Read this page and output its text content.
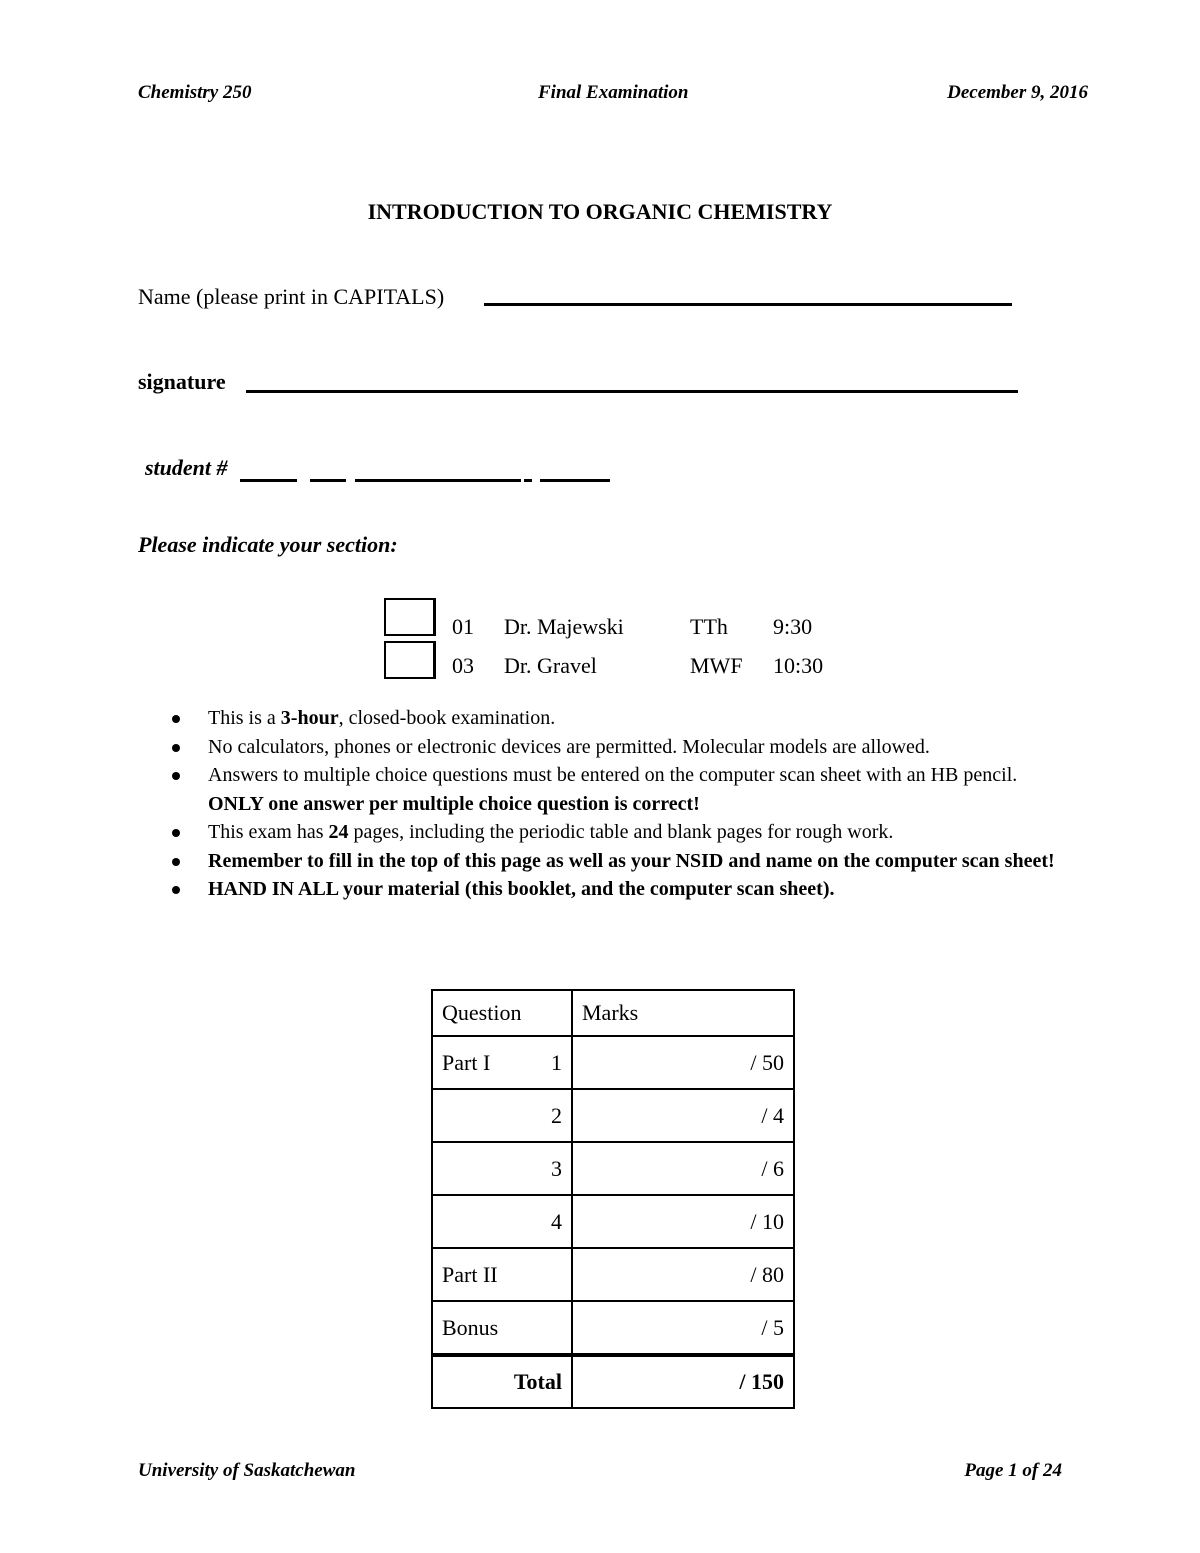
Chemistry 250	Final Examination	December 9, 2016
INTRODUCTION TO ORGANIC CHEMISTRY
Name (please print in CAPITALS)
signature
student #
Please indicate your section:
01 Dr. Majewski	TTh 9:30
03 Dr. Gravel	MWF 10:30
This is a 3-hour, closed-book examination.
No calculators, phones or electronic devices are permitted. Molecular models are allowed.
Answers to multiple choice questions must be entered on the computer scan sheet with an HB pencil. ONLY one answer per multiple choice question is correct!
This exam has 24 pages, including the periodic table and blank pages for rough work.
Remember to fill in the top of this page as well as your NSID and name on the computer scan sheet!
HAND IN ALL your material (this booklet, and the computer scan sheet).
Question	Marks

Part I 1	/ 50

2	/ 4

3	/ 6

4	/ 10

Part II	/ 80

Bonus	/ 5
Total	/ 150
University of Saskatchewan	Page 1 of 24
